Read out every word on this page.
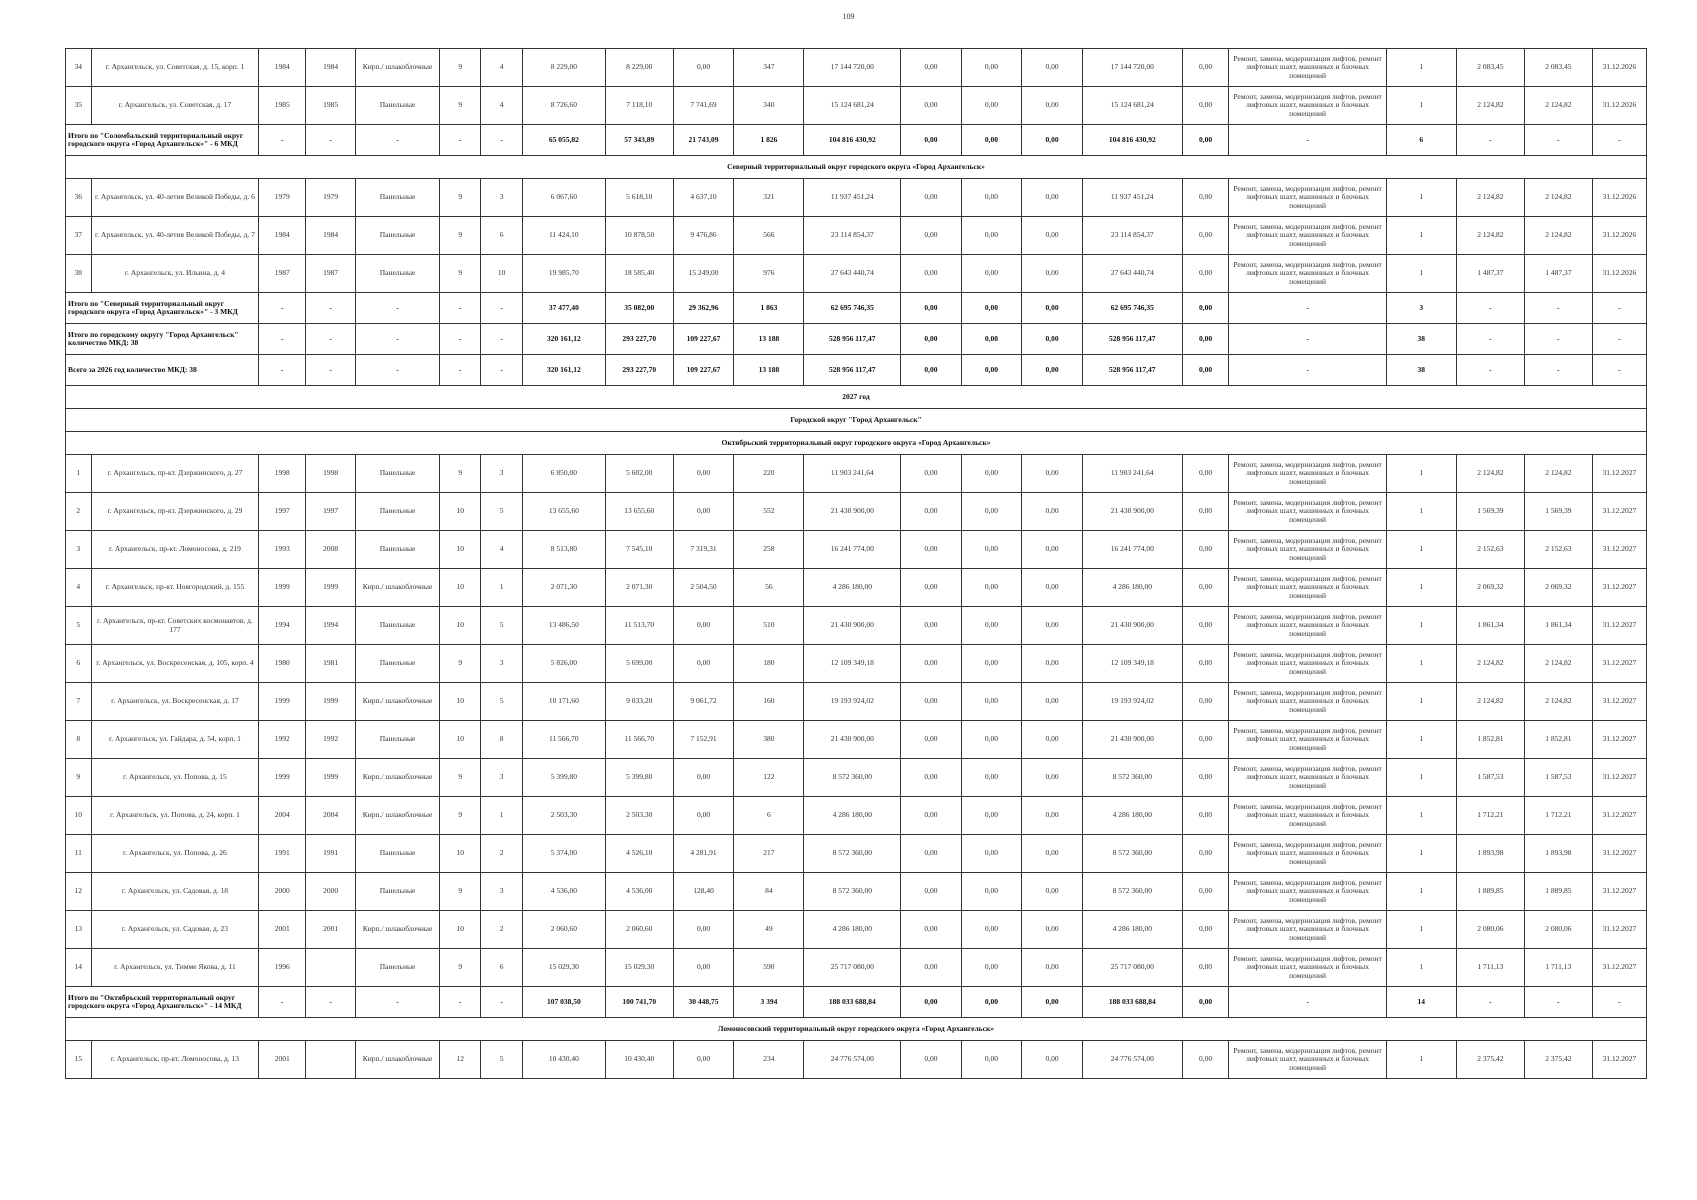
109
34	г. Архангельск, ул. Советская, д. 15, корп. 1	1984	1984	Кирп./ шлакоблочные	9	4	8 229,00	8 229,00	0,00	347	17 144 720,00	0,00	0,00	0,00	17 144 720,00	0,00	Ремонт, замена, модернизация лифтов, ремонт лифтовых шахт, машинных и блочных помещений	1	2 083,45	2 083,45	31.12.2026
35	г. Архангельск, ул. Советская, д. 17	1985	1985	Панельные	9	4	8 726,60	7 118,10	7 741,69	340	15 124 681,24	0,00	0,00	0,00	15 124 681,24	0,00	Ремонт, замена, модернизация лифтов, ремонт лифтовых шахт, машинных и блочных помещений	1	2 124,82	2 124,82	31.12.2026
Итого по "Соломбальский территориальный округ городского округа «Город Архангельск»" - 6 МКД		-	-	-	-	-	65 055,82	57 343,89	21 743,09	1 826	104 816 430,92	0,00	0,00	0,00	104 816 430,92	0,00	-	6	-	-	-
Северный территориальный округ городского округа «Город Архангельск»																					
36	г. Архангельск, ул. 40-летия Великой Победы, д. 6	1979	1979	Панельные	9	3	6 067,60	5 618,10	4 637,10	321	11 937 451,24	0,00	0,00	0,00	11 937 451,24	0,00	Ремонт, замена, модернизация лифтов, ремонт лифтовых шахт, машинных и блочных помещений	1	2 124,82	2 124,82	31.12.2026
37	г. Архангельск, ул. 40-летия Великой Победы, д. 7	1984	1984	Панельные	9	6	11 424,10	10 878,50	9 476,86	566	23 114 854,37	0,00	0,00	0,00	23 114 854,37	0,00	Ремонт, замена, модернизация лифтов, ремонт лифтовых шахт, машинных и блочных помещений	1	2 124,82	2 124,82	31.12.2026
38	г. Архангельск, ул. Ильина, д. 4	1987	1987	Панельные	9	10	19 985,70	18 585,40	15 249,00	976	27 643 440,74	0,00	0,00	0,00	27 643 440,74	0,00	Ремонт, замена, модернизация лифтов, ремонт лифтовых шахт, машинных и блочных помещений	1	1 487,37	1 487,37	31.12.2026
Итого по "Северный территориальный округ городского округа «Город Архангельск»" - 3 МКД		-	-	-	-	-	37 477,40	35 082,00	29 362,96	1 863	62 695 746,35	0,00	0,00	0,00	62 695 746,35	0,00	-	3	-	-	-
Итого по городскому округу "Город Архангельск" количество МКД: 38		-	-	-	-	-	320 161,12	293 227,70	109 227,67	13 188	528 956 117,47	0,00	0,00	0,00	528 956 117,47	0,00	-	38	-	-	-
Всего за 2026 год количество МКД: 38		-	-	-	-	-	320 161,12	293 227,70	109 227,67	13 188	528 956 117,47	0,00	0,00	0,00	528 956 117,47	0,00	-	38	-	-	-
2027 год																					
Городской округ "Город Архангельск"																					
Октябрьский территориальный округ городского округа «Город Архангельск»																					
1	г. Архангельск, пр-кт. Дзержинского, д. 27	1998	1998	Панельные	9	3	6 850,00	5 602,00	0,00	220	11 903 241,64	0,00	0,00	0,00	11 903 241,64	0,00	Ремонт, замена, модернизация лифтов, ремонт лифтовых шахт, машинных и блочных помещений	1	2 124,82	2 124,82	31.12.2027
2	г. Архангельск, пр-кт. Дзержинского, д. 29	1997	1997	Панельные	10	5	13 655,60	13 655,60	0,00	552	21 430 900,00	0,00	0,00	0,00	21 430 900,00	0,00	Ремонт, замена, модернизация лифтов, ремонт лифтовых шахт, машинных и блочных помещений	1	1 569,39	1 569,39	31.12.2027
3	г. Архангельск, пр-кт. Ломоносова, д. 219	1993	2008	Панельные	10	4	8 513,80	7 545,10	7 319,31	258	16 241 774,00	0,00	0,00	0,00	16 241 774,00	0,00	Ремонт, замена, модернизация лифтов, ремонт лифтовых шахт, машинных и блочных помещений	1	2 152,63	2 152,63	31.12.2027
4	г. Архангельск, пр-кт. Новгородский, д. 155	1999	1999	Кирп./ шлакоблочные	10	1	2 071,30	2 071,30	2 504,50	56	4 286 180,00	0,00	0,00	0,00	4 286 180,00	0,00	Ремонт, замена, модернизация лифтов, ремонт лифтовых шахт, машинных и блочных помещений	1	2 069,32	2 069,32	31.12.2027
5	г. Архангельск, пр-кт. Советских космонавтов, д. 177	1994	1994	Панельные	10	5	13 486,50	11 513,70	0,00	510	21 430 900,00	0,00	0,00	0,00	21 430 900,00	0,00	Ремонт, замена, модернизация лифтов, ремонт лифтовых шахт, машинных и блочных помещений	1	1 861,34	1 861,34	31.12.2027
6	г. Архангельск, ул. Воскресенская, д. 105, корп. 4	1980	1981	Панельные	9	3	5 826,00	5 699,00	0,00	180	12 109 349,18	0,00	0,00	0,00	12 109 349,18	0,00	Ремонт, замена, модернизация лифтов, ремонт лифтовых шахт, машинных и блочных помещений	1	2 124,82	2 124,82	31.12.2027
7	г. Архангельск, ул. Воскресенская, д. 17	1999	1999	Кирп./ шлакоблочные	10	5	10 171,60	9 033,20	9 061,72	160	19 193 924,02	0,00	0,00	0,00	19 193 924,02	0,00	Ремонт, замена, модернизация лифтов, ремонт лифтовых шахт, машинных и блочных помещений	1	2 124,82	2 124,82	31.12.2027
8	г. Архангельск, ул. Гайдара, д. 54, корп. 1	1992	1992	Панельные	10	8	11 566,70	11 566,70	7 152,91	380	21 430 900,00	0,00	0,00	0,00	21 430 900,00	0,00	Ремонт, замена, модернизация лифтов, ремонт лифтовых шахт, машинных и блочных помещений	1	1 852,81	1 852,81	31.12.2027
9	г. Архангельск, ул. Попова, д. 15	1999	1999	Кирп./ шлакоблочные	9	3	5 399,80	5 399,80	0,00	122	8 572 360,00	0,00	0,00	0,00	8 572 360,00	0,00	Ремонт, замена, модернизация лифтов, ремонт лифтовых шахт, машинных и блочных помещений	1	1 587,53	1 587,53	31.12.2027
10	г. Архангельск, ул. Попова, д. 24, корп. 1	2004	2004	Кирп./ шлакоблочные	9	1	2 503,30	2 503,30	0,00	6	4 286 180,00	0,00	0,00	0,00	4 286 180,00	0,00	Ремонт, замена, модернизация лифтов, ремонт лифтовых шахт, машинных и блочных помещений	1	1 712,21	1 712,21	31.12.2027
11	г. Архангельск, ул. Попова, д. 26	1991	1991	Панельные	10	2	5 374,00	4 526,10	4 281,91	217	8 572 360,00	0,00	0,00	0,00	8 572 360,00	0,00	Ремонт, замена, модернизация лифтов, ремонт лифтовых шахт, машинных и блочных помещений	1	1 893,98	1 893,98	31.12.2027
12	г. Архангельск, ул. Садовая, д. 18	2000	2000	Панельные	9	3	4 536,00	4 536,00	128,40	84	8 572 360,00	0,00	0,00	0,00	8 572 360,00	0,00	Ремонт, замена, модернизация лифтов, ремонт лифтовых шахт, машинных и блочных помещений	1	1 889,85	1 889,85	31.12.2027
13	г. Архангельск, ул. Садовая, д. 23	2001	2001	Кирп./ шлакоблочные	10	2	2 060,60	2 060,60	0,00	49	4 286 180,00	0,00	0,00	0,00	4 286 180,00	0,00	Ремонт, замена, модернизация лифтов, ремонт лифтовых шахт, машинных и блочных помещений	1	2 080,06	2 080,06	31.12.2027
14	г. Архангельск, ул. Тимме Якова, д. 11	1996		Панельные	9	6	15 029,30	15 029,30	0,00	590	25 717 080,00	0,00	0,00	0,00	25 717 080,00	0,00	Ремонт, замена, модернизация лифтов, ремонт лифтовых шахт, машинных и блочных помещений	1	1 711,13	1 711,13	31.12.2027
Итого по "Октябрьский территориальный округ городского округа «Город Архангельск»" - 14 МКД		-	-	-	-	-	107 038,50	100 741,70	30 448,75	3 394	188 033 688,84	0,00	0,00	0,00	188 033 688,84	0,00	-	14	-	-	-
Ломоносовский территориальный округ городского округа «Город Архангельск»																					
15	г. Архангельск, пр-кт. Ломоносова, д. 13	2001		Кирп./ шлакоблочные	12	5	10 430,40	10 430,40	0,00	234	24 776 574,00	0,00	0,00	0,00	24 776 574,00	0,00	Ремонт, замена, модернизация лифтов, ремонт лифтовых шахт, машинных и блочных помещений	1	2 375,42	2 375,42	31.12.2027
